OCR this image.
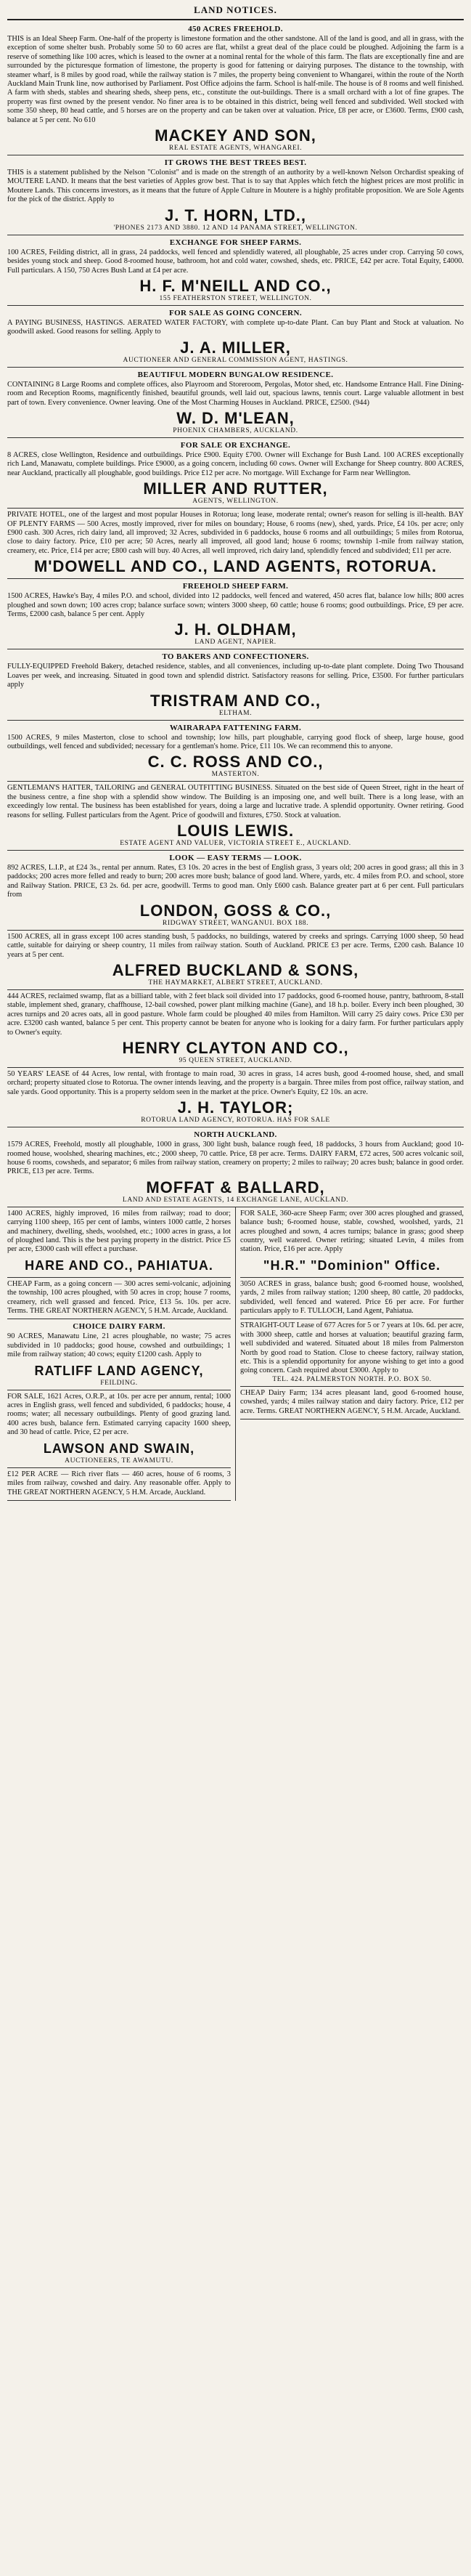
LAND NOTICES.
450 ACRES FREEHOLD.

THIS is an Ideal Sheep Farm. One-half of the property is limestone formation and the other sandstone. All of the land is good, and all in grass, with the exception of some shelter bush. Probably some 50 to 60 acres are flat, whilst a great deal of the place could be ploughed. Adjoining the farm is a reserve of something like 100 acres, which is leased to the owner at a nominal rental for the whole of this farm. The flats are exceptionally fine and are surrounded by the picturesque formation of limestone, the property is good for fattening or dairying purposes. The distance to the township, with steamer wharf, is 8 miles by good road, while the railway station is 7 miles, the property being convenient to Whangarei, within the route of the North Auckland Main Trunk line, now authorised by Parliament. Post Office adjoins the farm. School is half-mile. The house is of 8 rooms and well finished. A farm with sheds, stables and shearing sheds, sheep pens, etc., constitute the out-buildings. There is a small orchard with a lot of fine grapes. The property was first owned by the present vendor. No finer area is to be obtained in this district, being well fenced and subdivided. Well stocked with some 350 sheep, 80 head cattle, and 5 horses are on the property and can be taken over at valuation. Price, £8 per acre, or £3600. Terms, £900 cash, balance at 5 per cent. No 610

MACKEY AND SON,
REAL ESTATE AGENTS, WHANGAREI.
IT GROWS THE BEST TREES BEST.

THIS is a statement published by the Nelson "Colonist" and is made on the strength of an authority by a well-known Nelson Orchardist speaking of MOUTERE LAND. It means that the best varieties of Apples grow best. That is to say that Apples which fetch the highest prices are most prolific in Moutere Lands. This concerns investors, as it means that the future of Apple Culture in Moutere is a highly profitable proposition. We are Sole Agents for the pick of the district. Apply to

J. T. HORN, LTD.,
'PHONES 2173 AND 3880. 12 AND 14 PANAMA STREET, WELLINGTON.
EXCHANGE FOR SHEEP FARMS.

100 ACRES, Feilding district, all in grass, 24 paddocks, well fenced and splendidly watered, all ploughable, 25 acres under crop. Carrying 50 cows, besides young stock and sheep. Good 8-roomed house, bathroom, hot and cold water, cowshed, sheds, etc. PRICE, £42 per acre. Total Equity, £4000. Full particulars. A 150, 750 Acres Bush Land at £4 per acre.

H. F. M'NEILL AND CO.,
155 FEATHERSTON STREET, WELLINGTON.
FOR SALE AS GOING CONCERN.

A PAYING BUSINESS, HASTINGS. AERATED WATER FACTORY, with complete up-to-date Plant. Can buy Plant and Stock at valuation. No goodwill asked. Good reasons for selling. Apply to

J. A. MILLER,
AUCTIONEER AND GENERAL COMMISSION AGENT, HASTINGS.
BEAUTIFUL MODERN BUNGALOW RESIDENCE.

CONTAINING 8 Large Rooms and complete offices, also Playroom and Storeroom, Pergolas, Motor shed, etc. Handsome Entrance Hall. Fine Dining-room and Reception Rooms, magnificently finished, beautiful grounds, well laid out, spacious lawns, tennis court. Large valuable allotment in best part of town. Every convenience. Owner leaving. One of the Most Charming Houses in Auckland. PRICE, £2500. (944)

W. D. M'LEAN,
PHOENIX CHAMBERS, AUCKLAND.
FOR SALE OR EXCHANGE.

8 ACRES, close Wellington, Residence and outbuildings. Price £900. Equity £700. Owner will Exchange for Bush Land. 100 ACRES exceptionally rich Land, Manawatu, complete buildings. Price £9000, as a going concern, including 60 cows. Owner will Exchange for Sheep country. 800 ACRES, near Auckland, practically all ploughable, good buildings. Price £12 per acre. No mortgage. Will Exchange for Farm near Wellington.

MILLER AND RUTTER,
AGENTS, WELLINGTON.

PRIVATE HOTEL, one of the largest and most popular Houses in Rotorua; long lease, moderate rental; owner's reason for selling is ill-health. BAY OF PLENTY FARMS — 500 Acres, mostly improved, river for miles on boundary; House, 6 rooms (new), shed, yards. Price, £4 10s. per acre; only £900 cash. 300 Acres, rich dairy land, all improved; 32 Acres, subdivided in 6 paddocks, house 6 rooms and all outbuildings; 5 miles from Rotorua, close to dairy factory. Price, £10 per acre; 50 Acres, nearly all improved, all good land; house 6 rooms; township 1-mile from railway station, creamery, etc. Price, £14 per acre; £800 cash will buy. 40 Acres, all well improved, rich dairy land, splendidly fenced and subdivided; £11 per acre.

M'DOWELL AND CO., LAND AGENTS, ROTORUA.
FREEHOLD SHEEP FARM.

1500 ACRES, Hawke's Bay, 4 miles P.O. and school, divided into 12 paddocks, well fenced and watered, 450 acres flat, balance low hills; 800 acres ploughed and sown down; 100 acres crop; balance surface sown; winters 3000 sheep, 60 cattle; house 6 rooms; good outbuildings. Price, £9 per acre. Terms, £2000 cash, balance 5 per cent. Apply

J. H. OLDHAM,
LAND AGENT, NAPIER.
TO BAKERS AND CONFECTIONERS.

FULLY-EQUIPPED Freehold Bakery, detached residence, stables, and all conveniences, including up-to-date plant complete. Doing Two Thousand Loaves per week, and increasing. Situated in good town and splendid district. Satisfactory reasons for selling. Price, £3500. For further particulars apply

TRISTRAM AND CO.,
ELTHAM.
WAIRARAPA FATTENING FARM.

1500 ACRES, 9 miles Masterton, close to school and township; low hills, part ploughable, carrying good flock of sheep, large house, good outbuildings, well fenced and subdivided; necessary for a gentleman's home. Price, £11 10s. We can recommend this to anyone.

C. C. ROSS AND CO.,
MASTERTON.

GENTLEMAN'S HATTER, TAILORING and GENERAL OUTFITTING BUSINESS. Situated on the best side of Queen Street, right in the heart of the business centre, a fine shop with a splendid show window. The Building is an imposing one, and well built. There is a long lease, with an exceedingly low rental. The business has been established for years, doing a large and lucrative trade. A splendid opportunity. Owner retiring. Good reasons for selling. Fullest particulars from the Agent. Price of goodwill and fixtures, £750. Stock at valuation.

LOUIS LEWIS.
ESTATE AGENT AND VALUER, VICTORIA STREET E., AUCKLAND.
LOOK — EASY TERMS — LOOK.

892 ACRES, L.I.P., at £24 3s., rental per annum. Rates, £3 10s. 20 acres in the best of English grass, 3 years old; 200 acres in good grass; all this in 3 paddocks; 200 acres more felled and ready to burn; 200 acres more bush; balance of good land. Where, yards, etc. 4 miles from P.O. and school, store and Railway Station. PRICE, £3 2s. 6d. per acre, goodwill. Terms to good man. Only £600 cash. Balance greater part at 6 per cent. Full particulars from

LONDON, GOSS & CO.,
RIDGWAY STREET, WANGANUI. BOX 188.

1500 ACRES, all in grass except 100 acres standing bush, 5 paddocks, no buildings, watered by creeks and springs. Carrying 1000 sheep, 50 head cattle, suitable for dairying or sheep country, 11 miles from railway station. South of Auckland. PRICE £3 per acre. Terms, £200 cash. Balance 10 years at 5 per cent.

ALFRED BUCKLAND & SONS,
THE HAYMARKET, ALBERT STREET, AUCKLAND.

444 ACRES, reclaimed swamp, flat as a billiard table, with 2 feet black soil divided into 17 paddocks, good 6-roomed house, pantry, bathroom, 8-stall stable, implement shed, granary, chaffhouse, 12-bail cowshed, power plant milking machine (Gane), and 18 h.p. boiler. Every inch been ploughed, 30 acres turnips and 20 acres oats, all in good pasture. Whole farm could be ploughed 40 miles from Hamilton. Will carry 25 dairy cows. Price £30 per acre. £3200 cash wanted, balance 5 per cent. This property cannot be beaten for anyone who is looking for a dairy farm. For further particulars apply to Owner's equity.

HENRY CLAYTON AND CO.,
95 QUEEN STREET, AUCKLAND.

50 YEARS' LEASE of 44 Acres, low rental, with frontage to main road, 30 acres in grass, 14 acres bush, good 4-roomed house, shed, and small orchard; property situated close to Rotorua. The owner intends leaving, and the property is a bargain. Three miles from post office, railway station, and sale yards. Good opportunity. This is a property seldom seen in the market at the price. Owner's Equity, £2 10s. an acre.

J. H. TAYLOR;
ROTORUA LAND AGENCY, ROTORUA. HAS FOR SALE
NORTH AUCKLAND.

1579 ACRES, Freehold, mostly all ploughable, 1000 in grass, 300 light bush, balance rough feed, 18 paddocks, 3 hours from Auckland; good 10-roomed house, woolshed, shearing machines, etc.; 2000 sheep, 70 cattle. Price, £8 per acre. Terms. DAIRY FARM, £72 acres, 500 acres volcanic soil, house 6 rooms, cowsheds, and separator; 6 miles from railway station, creamery on property; 2 miles to railway; 20 acres bush; balance in good order. PRICE, £13 per acre. Terms.

MOFFAT & BALLARD,
LAND AND ESTATE AGENTS, 14 EXCHANGE LANE, AUCKLAND.

1400 ACRES, highly improved, 16 miles from railway; road to door; carrying 1100 sheep, 165 per cent of lambs, winters 1000 cattle, 2 horses and machinery, dwelling, sheds, woolshed, etc.; 1000 acres in grass, a lot of ploughed land. This is the best paying property in the district. Price £5 per acre, £3000 cash will effect a purchase.

HARE AND CO., PAHIATUA.

CHEAP Farm, as a going concern — 300 acres semi-volcanic, adjoining the township, 100 acres ploughed, with 50 acres in crop; house 7 rooms, creamery, rich well grassed and fenced. Price, £13 5s. 10s. per acre. Terms. THE GREAT NORTHERN AGENCY, 5 H.M. Arcade, Auckland.

CHOICE DAIRY FARM.

90 ACRES, Manawatu Line, 21 acres ploughable, no waste; 75 acres subdivided in 10 paddocks; good house, cowshed and outbuildings; 1 mile from railway station; 40 cows; equity £1200 cash. Apply to

RATLIFF LAND AGENCY,
FEILDING.

FOR SALE, 1621 Acres, O.R.P., at 10s. per acre per annum, rental; 1000 acres in English grass, well fenced and subdivided, 6 paddocks; house, 4 rooms; water; all necessary outbuildings. Plenty of good grazing land. 400 acres bush, balance fern. Estimated carrying capacity 1600 sheep, and 30 head of cattle. Price, £2 per acre.

LAWSON AND SWAIN,
AUCTIONEERS, TE AWAMUTU.

£12 PER ACRE — Rich river flats — 460 acres, house of 6 rooms, 3 miles from railway, cowshed and dairy. Any reasonable offer. Apply to THE GREAT NORTHERN AGENCY, 5 H.M. Arcade, Auckland.

FOR SALE, 360-acre Sheep Farm; over 300 acres ploughed and grassed, balance bush; 6-roomed house, stable, cowshed, woolshed, yards, 21 acres ploughed and sown, 4 acres turnips; balance in grass; good sheep country, well watered. Owner retiring; situated Levin, 4 miles from station. Price, £16 per acre. Apply

"H.R." "Dominion" Office.

3050 ACRES in grass, balance bush; good 6-roomed house, woolshed, yards, 2 miles from railway station; 1200 sheep, 80 cattle, 20 paddocks, subdivided, well fenced and watered. Price £6 per acre. For further particulars apply to F. TULLOCH, Land Agent, Pahiatua.

STRAIGHT-OUT Lease of 677 Acres for 5 or 7 years at 10s. 6d. per acre, with 3000 sheep, cattle and horses at valuation; beautiful grazing farm, well subdivided and watered. Situated about 18 miles from Palmerston North by good road to Station. Close to cheese factory, railway station, etc. This is a splendid opportunity for anyone wishing to get into a good going concern. Cash required about £3000. Apply to

TEL. 424. PALMERSTON NORTH. P.O. BOX 50.

CHEAP Dairy Farm; 134 acres pleasant land, good 6-roomed house, cowshed, yards; 4 miles railway station and dairy factory. Price, £12 per acre. Terms. GREAT NORTHERN AGENCY, 5 H.M. Arcade, Auckland.
